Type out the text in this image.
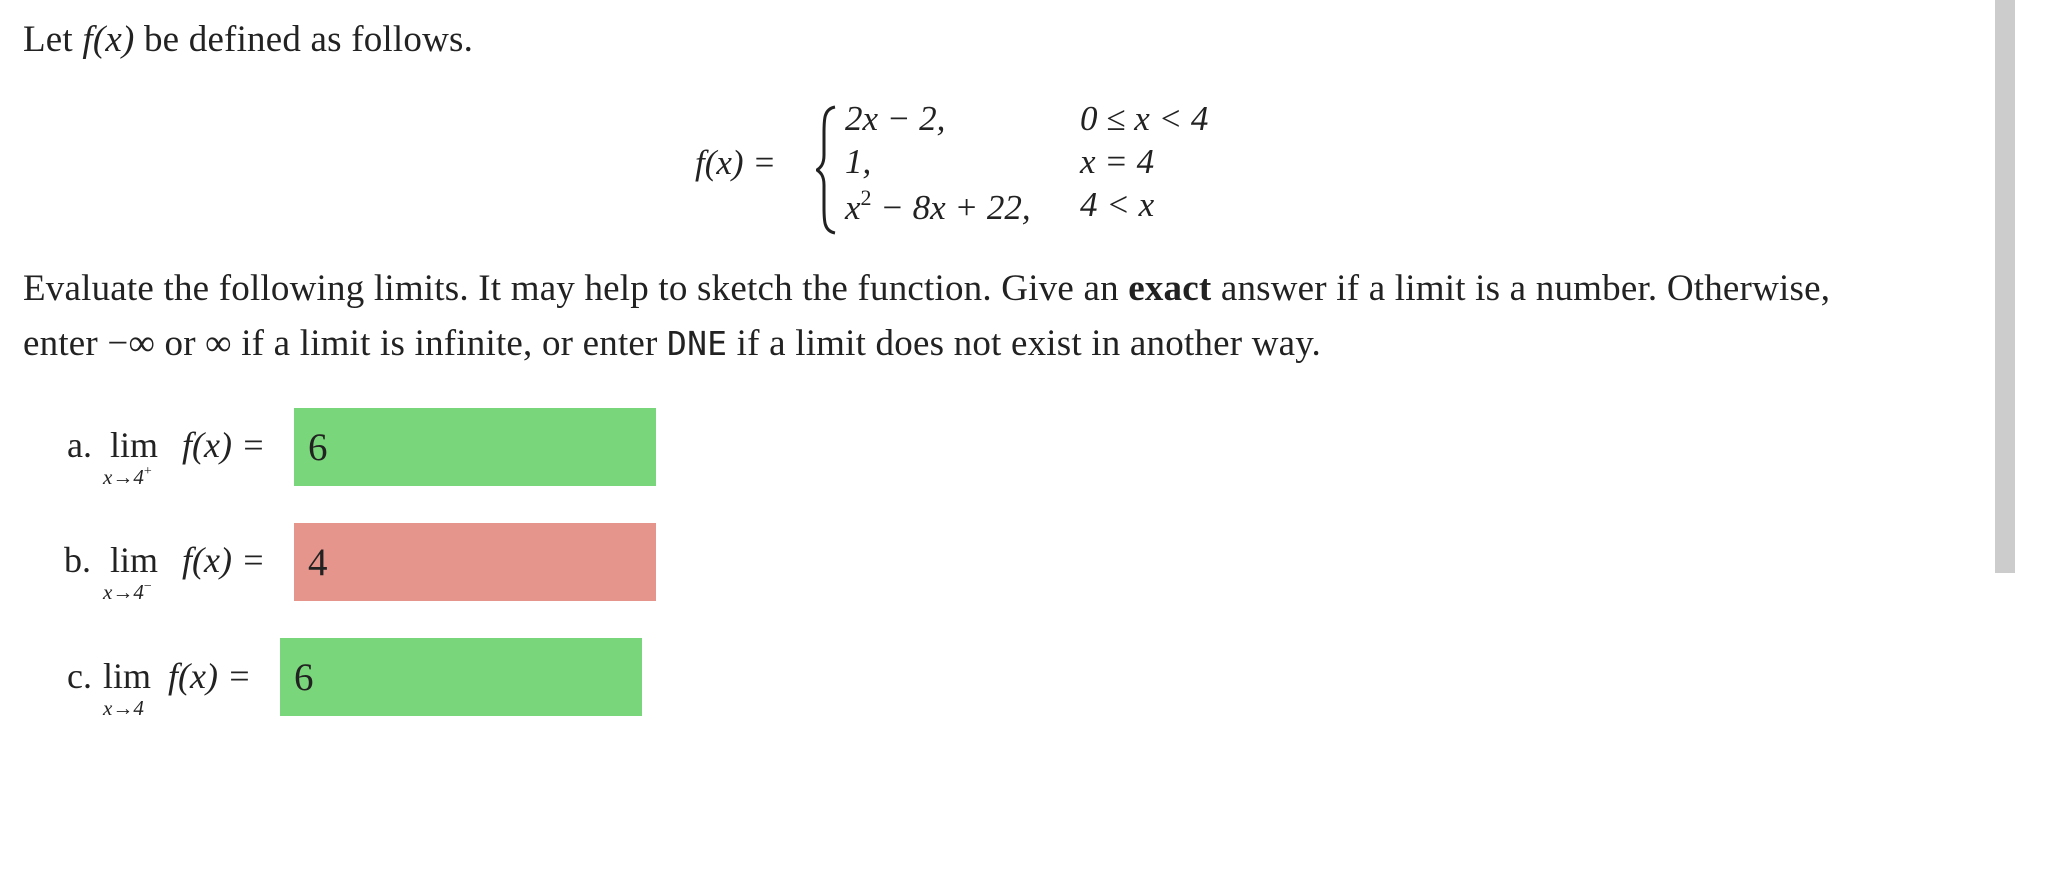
Let f(x) be defined as follows.
f(x) =
2x − 2,	0 ≤ x < 4
1,	x = 4
$x^2 - 8x + 22$, 4 < x
Evaluate the following limits. It may help to sketch the function. Give an exact answer if a limit is a number. Otherwise,
enter −∞ or ∞ if a limit is infinite, or enter DNE if a limit does not exist in another way.
a. lim
x→4+
f(x) =
6
b. lim
x→4−
f(x) =
4
c. lim
x→4
f(x) =
6
